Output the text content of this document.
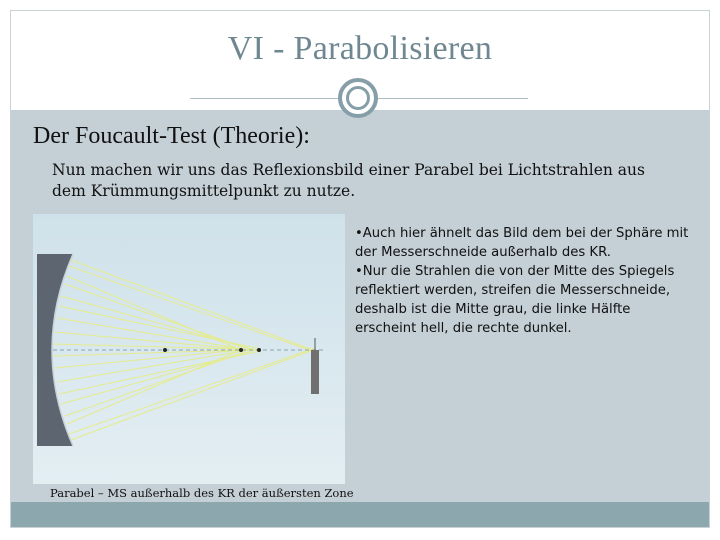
VI - Parabolisieren
Der Foucault-Test (Theorie):
Nun machen wir uns das Reflexionsbild einer Parabel bei Lichtstrahlen aus
dem Krümmungsmittelpunkt zu nutze.
Parabel – MS außerhalb des KR der äußersten Zone

•Auch hier ähnelt das Bild dem bei der Sphäre mit der Messerschneide außerhalb des KR.

•Nur die Strahlen die von der Mitte des Spiegels reflektiert werden, streifen die Messerschneide, deshalb ist die Mitte grau, die linke Hälfte erscheint hell, die rechte dunkel.
